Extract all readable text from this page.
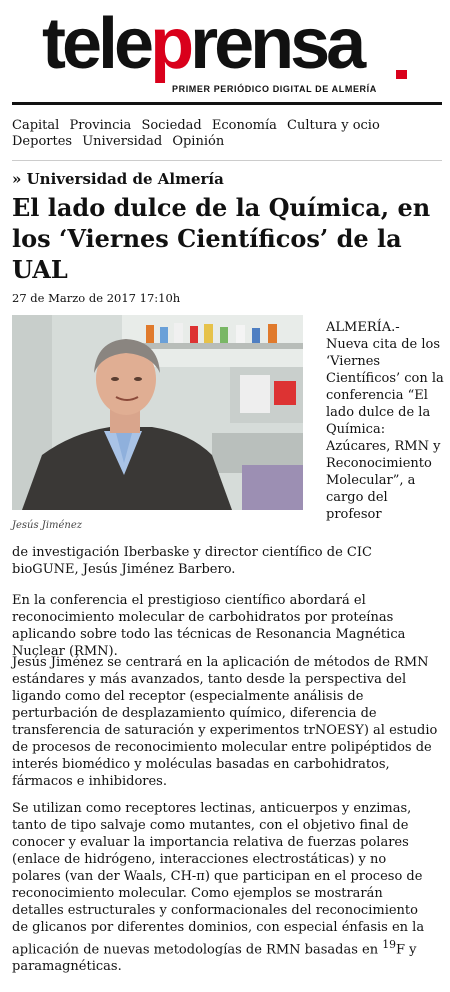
teleprensa
PRIMER PERIÓDICO DIGITAL DE ALMERÍA
Capital Provincia Sociedad Economía Cultura y ocio Deportes Universidad Opinión
» Universidad de Almería
El lado dulce de la Química, en los ‘Viernes Científicos’ de la UAL
27 de Marzo de 2017 17:10h
Jesús Jiménez
ALMERÍA.- Nueva cita de los ‘Viernes Científicos’ con la conferencia “El lado dulce de la Química: Azúcares, RMN y Reconocimiento Molecular”, a cargo del profesor

de investigación Iberbaske y director científico de CIC bioGUNE, Jesús Jiménez Barbero.

En la conferencia el prestigioso científico abordará el reconocimiento molecular de carbohidratos por proteínas aplicando sobre todo las técnicas de Resonancia Magnética Nuclear (RMN).

Jesús Jiménez se centrará en la aplicación de métodos de RMN estándares y más avanzados, tanto desde la perspectiva del ligando como del receptor (especialmente análisis de perturbación de desplazamiento químico, diferencia de transferencia de saturación y experimentos trNOESY) al estudio de procesos de reconocimiento molecular entre polipéptidos de interés biomédico y moléculas basadas en carbohidratos, fármacos e inhibidores.

Se utilizan como receptores lectinas, anticuerpos y enzimas, tanto de tipo salvaje como mutantes, con el objetivo final de conocer y evaluar la importancia relativa de fuerzas polares (enlace de hidrógeno, interacciones electrostáticas) y no polares (van der Waals, CH-π) que participan en el proceso de reconocimiento molecular. Como ejemplos se mostrarán detalles estructurales y conformacionales del reconocimiento de glicanos por diferentes dominios, con especial énfasis en la aplicación de nuevas metodologías de RMN basadas en $^{19}$F y paramagnéticas.
